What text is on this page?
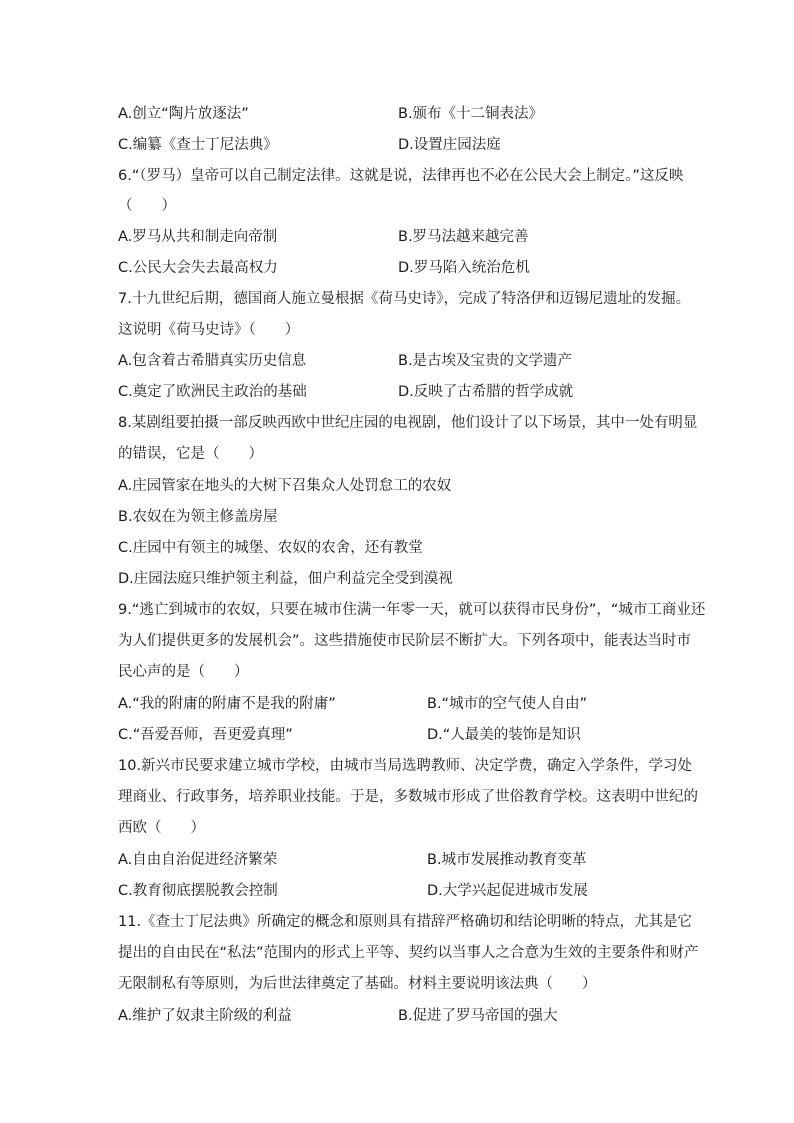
A.创立“陶片放逐法”	B.颁布《十二铜表法》
C.编纂《查士丁尼法典》	D.设置庄园法庭
6.“（罗马）皇帝可以自己制定法律。这就是说，法律再也不必在公民大会上制定。”这反映
（　　）
A.罗马从共和制走向帝制	B.罗马法越来越完善
C.公民大会失去最高权力	D.罗马陷入统治危机
7.十九世纪后期，德国商人施立曼根据《荷马史诗》，完成了特洛伊和迈锡尼遗址的发掘。
这说明《荷马史诗》（　　）
A.包含着古希腊真实历史信息	B.是古埃及宝贵的文学遗产
C.奠定了欧洲民主政治的基础	D.反映了古希腊的哲学成就
8.某剧组要拍摄一部反映西欧中世纪庄园的电视剧，他们设计了以下场景，其中一处有明显
的错误，它是（　　）
A.庄园管家在地头的大树下召集众人处罚怠工的农奴
B.农奴在为领主修盖房屋
C.庄园中有领主的城堡、农奴的农舍，还有教堂
D.庄园法庭只维护领主利益，佃户利益完全受到漠视
9.“逃亡到城市的农奴，只要在城市住满一年零一天，就可以获得市民身份”，“城市工商业还
为人们提供更多的发展机会”。这些措施使市民阶层不断扩大。下列各项中，能表达当时市
民心声的是（　　）
A.“我的附庸的附庸不是我的附庸”	B.“城市的空气使人自由”
C.“吾爱吾师，吾更爱真理”	D.“人最美的装饰是知识
10.新兴市民要求建立城市学校，由城市当局选聘教师、决定学费，确定入学条件，学习处
理商业、行政事务，培养职业技能。于是，多数城市形成了世俗教育学校。这表明中世纪的
西欧（　　）
A.自由自治促进经济繁荣	B.城市发展推动教育变革
C.教育彻底摆脱教会控制	D.大学兴起促进城市发展
11.《查士丁尼法典》所确定的概念和原则具有措辞严格确切和结论明晰的特点，尤其是它
提出的自由民在“私法”范围内的形式上平等、契约以当事人之合意为生效的主要条件和财产
无限制私有等原则，为后世法律奠定了基础。材料主要说明该法典（　　）
A.维护了奴隶主阶级的利益	B.促进了罗马帝国的强大
